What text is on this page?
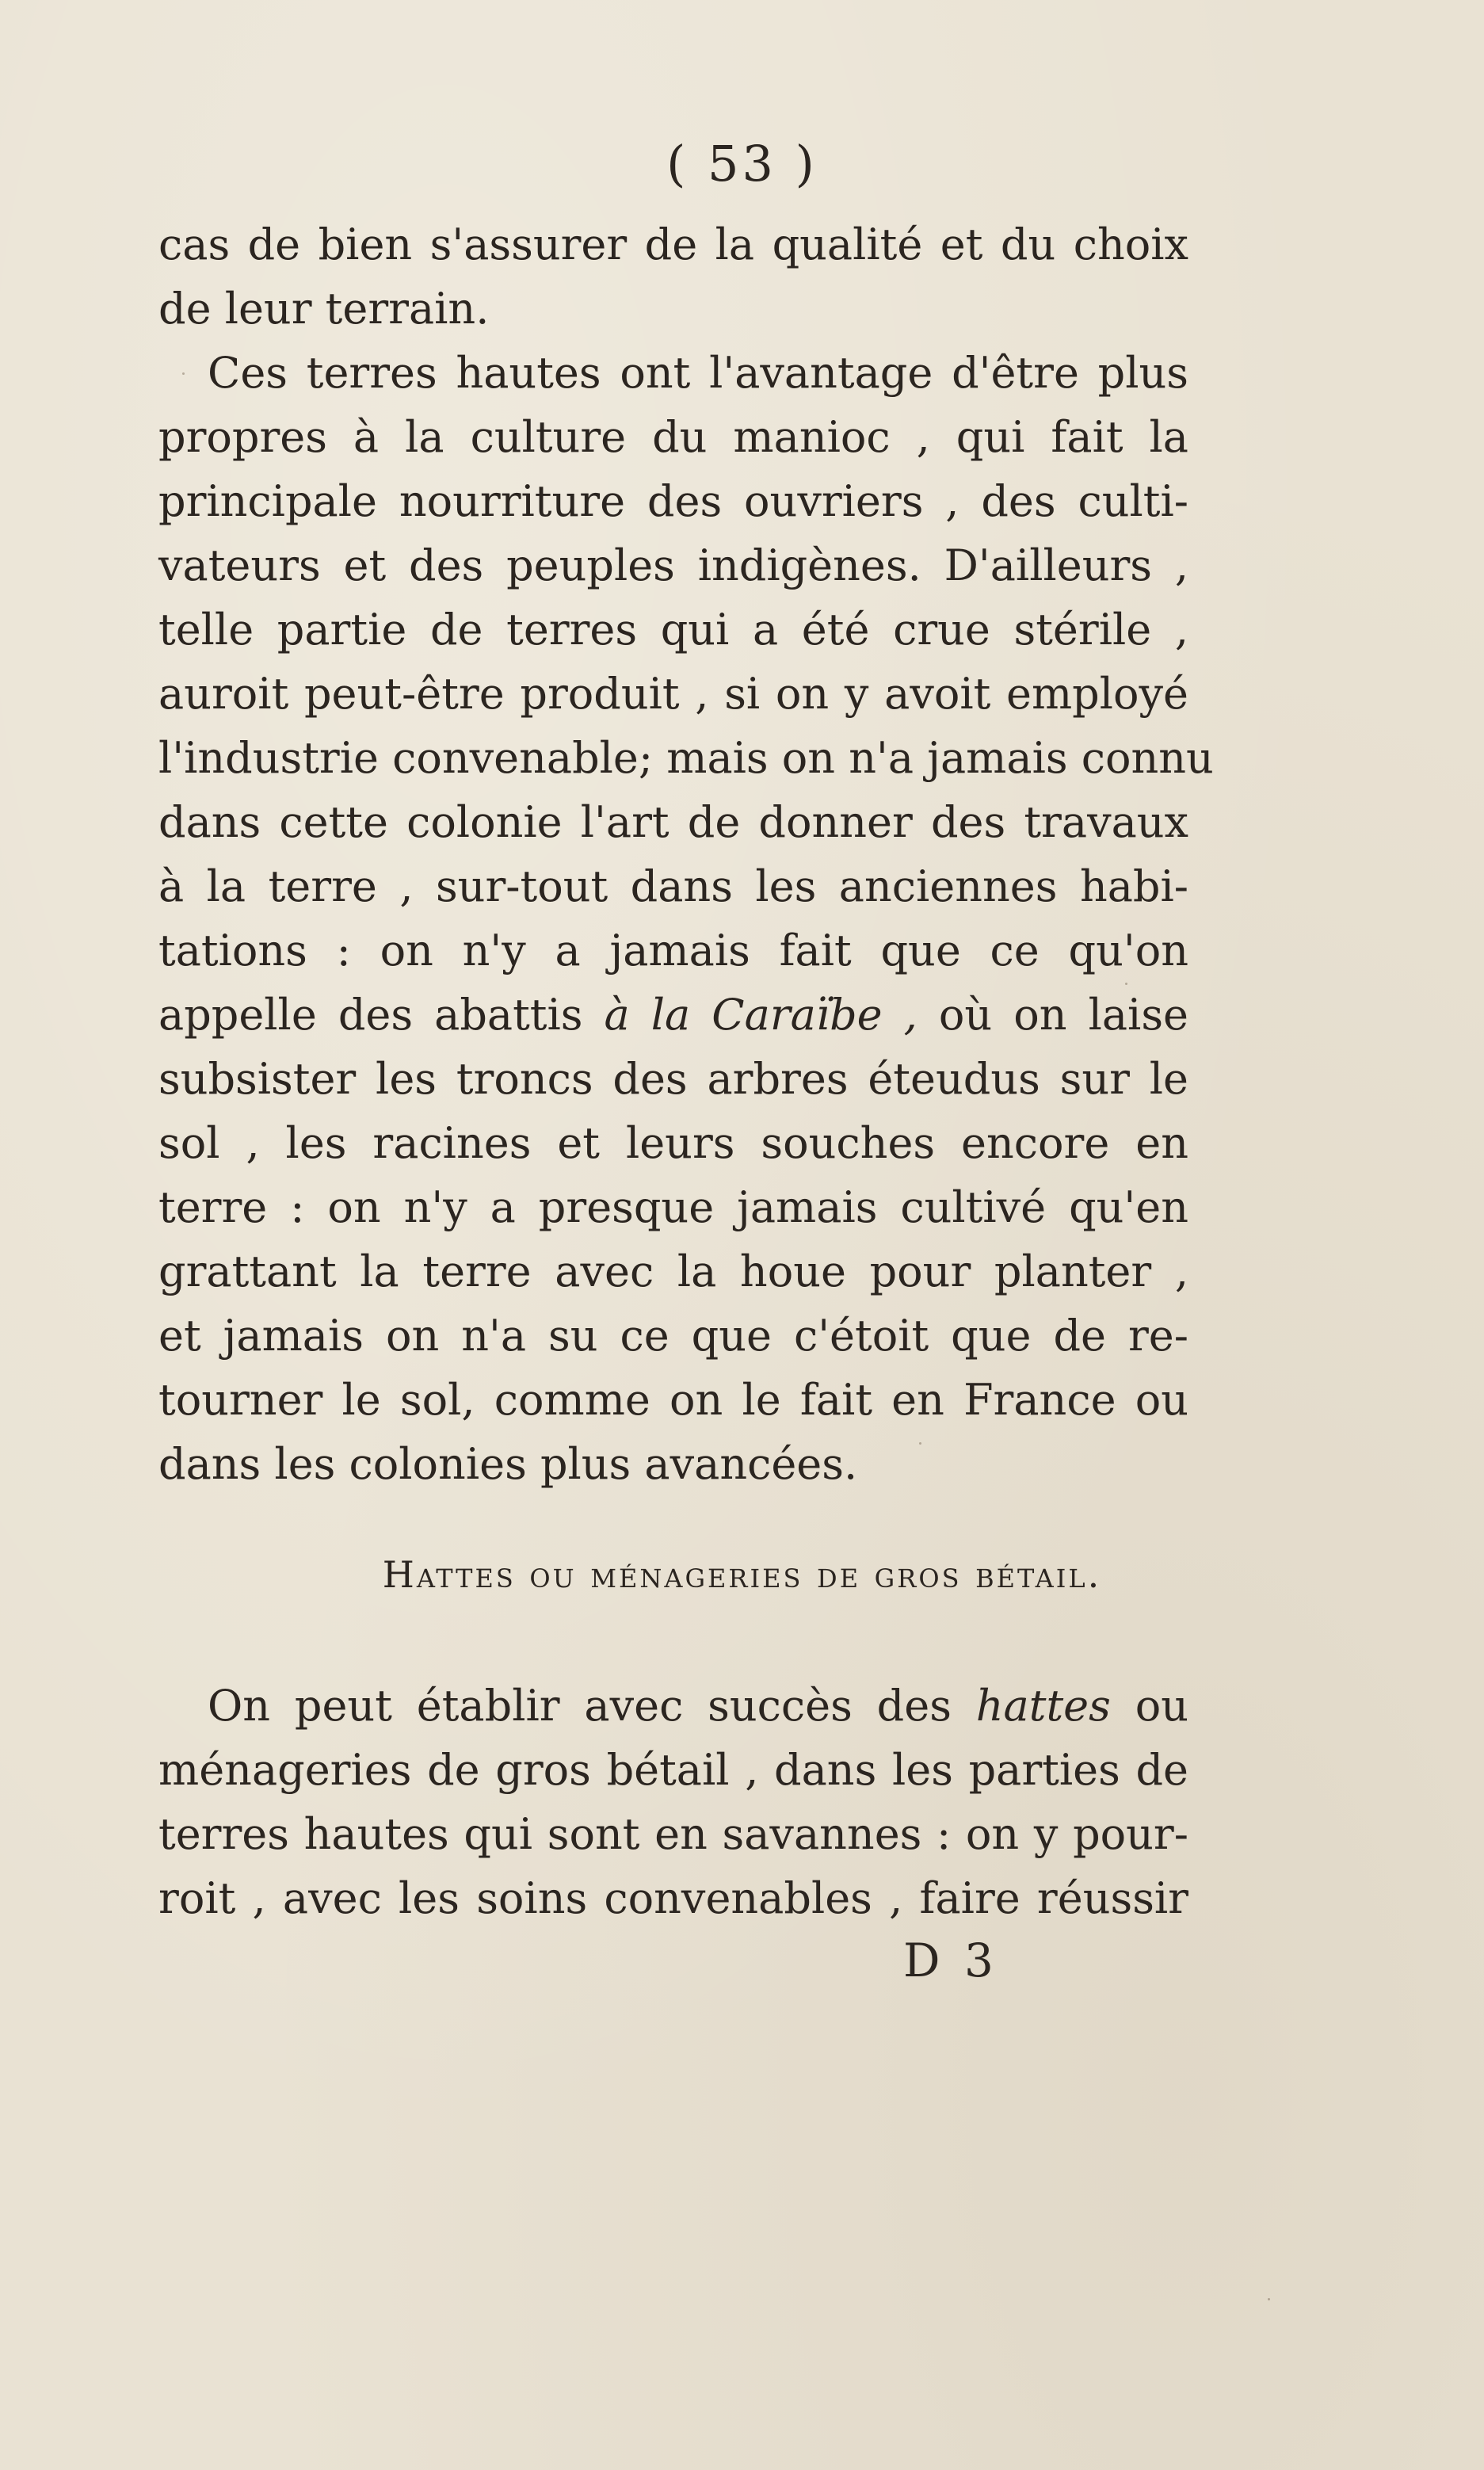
( 53 )
cas de bien s'assurer de la qualité et du choix
de leur terrain.
Ces terres hautes ont l'avantage d'être plus
propres à la culture du manioc , qui fait la
principale nourriture des ouvriers , des culti-
vateurs et des peuples indigènes. D'ailleurs ,
telle partie de terres qui a été crue stérile ,
auroit peut-être produit , si on y avoit employé
l'industrie convenable; mais on n'a jamais connu
dans cette colonie l'art de donner des travaux
à la terre , sur-tout dans les anciennes habi-
tations : on n'y a jamais fait que ce qu'on
appelle des abattis à la Caraïbe , où on laise
subsister les troncs des arbres éteudus sur le
sol , les racines et leurs souches encore en
terre : on n'y a presque jamais cultivé qu'en
grattant la terre avec la houe pour planter ,
et jamais on n'a su ce que c'étoit que de re-
tourner le sol, comme on le fait en France ou
dans les colonies plus avancées.
Hattes ou ménageries de gros bétail.
On peut établir avec succès des hattes ou
ménageries de gros bétail , dans les parties de
terres hautes qui sont en savannes : on y pour-
roit , avec les soins convenables , faire réussir
D 3
